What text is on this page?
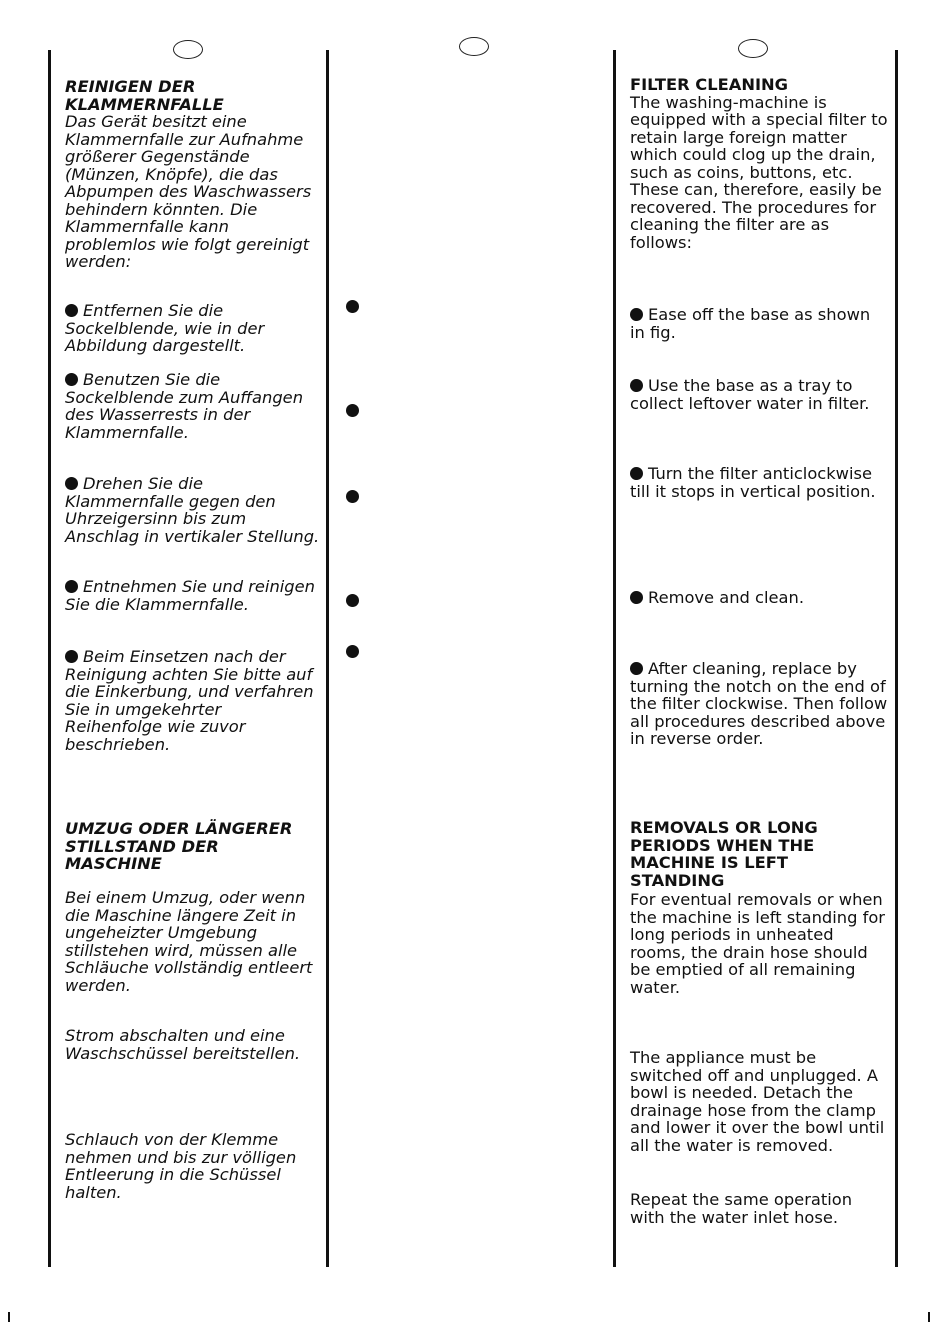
REINIGEN DER KLAMMERNFALLE
Das Gerät besitzt eine Klammernfalle zur Aufnahme größerer Gegenstände (Münzen, Knöpfe), die das Abpumpen des Waschwassers behindern könnten. Die Klammernfalle kann problemlos wie folgt gereinigt werden:

Entfernen Sie die Sockelblende, wie in der Abbildung dargestellt.

Benutzen Sie die Sockelblende zum Auffangen des Wasserrests in der Klammernfalle.

Drehen Sie die Klammernfalle gegen den Uhrzeigersinn bis zum Anschlag in vertikaler Stellung.

Entnehmen Sie und reinigen Sie die Klammernfalle.

Beim Einsetzen nach der Reinigung achten Sie bitte auf die Einkerbung, und verfahren Sie in umgekehrter Reihenfolge wie zuvor beschrieben.

UMZUG ODER LÄNGERER STILLSTAND DER MASCHINE

Bei einem Umzug, oder wenn die Maschine längere Zeit in ungeheizter Umgebung stillstehen wird, müssen alle Schläuche vollständig entleert werden.

Strom abschalten und eine Waschschüssel bereitstellen.

Schlauch von der Klemme nehmen und bis zur völligen Entleerung in die Schüssel halten.

FILTER CLEANING
The washing-machine is equipped with a special filter to retain large foreign matter which could clog up the drain, such as coins, buttons, etc. These can, therefore, easily be recovered. The procedures for cleaning the filter are as follows:

Ease off the base as shown in fig.

Use the base as a tray to collect leftover water in filter.

Turn the filter anticlockwise till it stops in vertical position.

Remove and clean.

After cleaning, replace by turning the notch on the end of the filter clockwise. Then follow all procedures described above in reverse order.

REMOVALS OR LONG PERIODS WHEN THE MACHINE IS LEFT STANDING

For eventual removals or when the machine is left standing for long periods in unheated rooms, the drain hose should be emptied of all remaining water.

The appliance must be switched off and unplugged. A bowl is needed. Detach the drainage hose from the clamp and lower it over the bowl until all the water is removed.

Repeat the same operation with the water inlet hose.
